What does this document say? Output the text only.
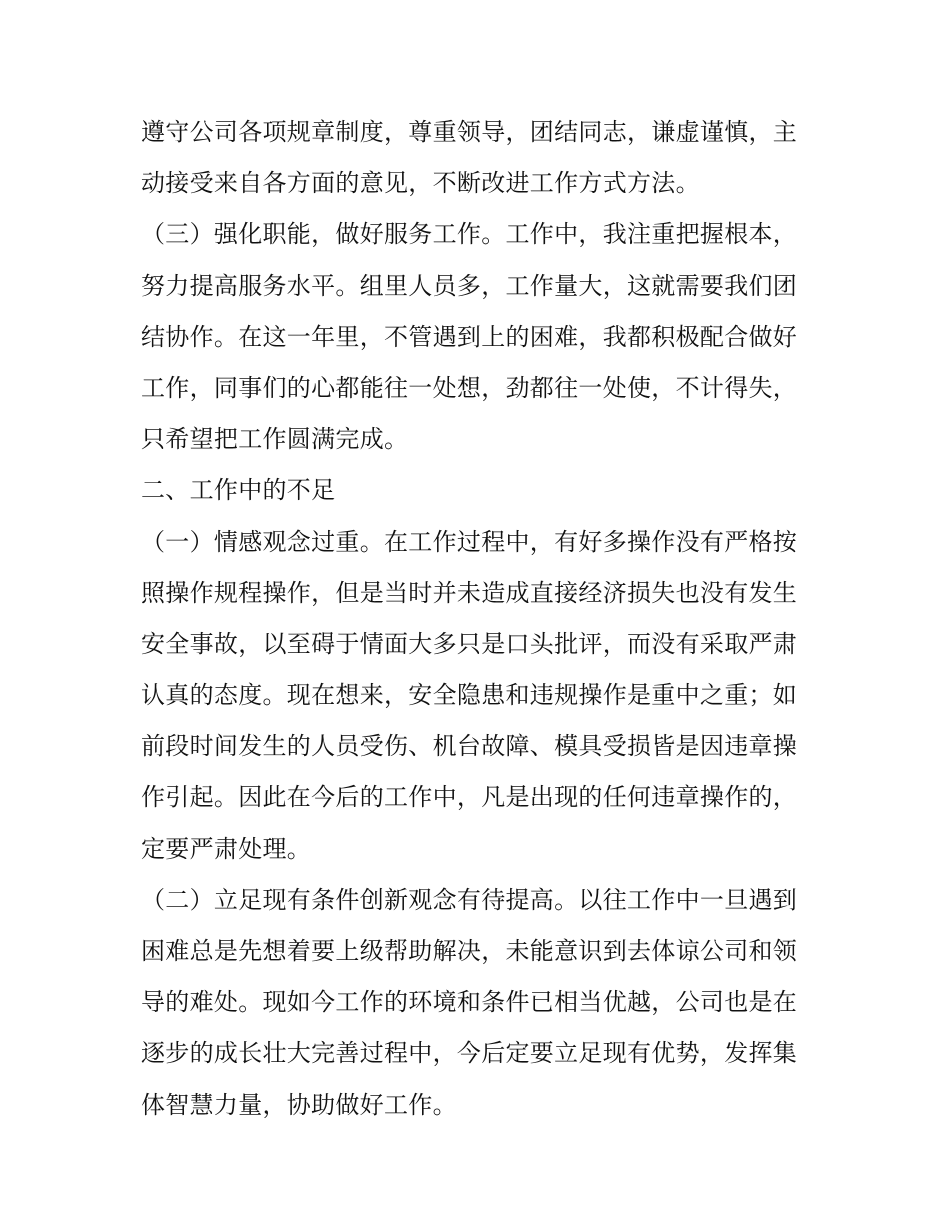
遵守公司各项规章制度，尊重领导，团结同志，谦虚谨慎，主
动接受来自各方面的意见，不断改进工作方式方法。
（三）强化职能，做好服务工作。工作中，我注重把握根本，
努力提高服务水平。组里人员多，工作量大，这就需要我们团
结协作。在这一年里，不管遇到上的困难，我都积极配合做好
工作，同事们的心都能往一处想，劲都往一处使，不计得失，
只希望把工作圆满完成。
二、工作中的不足
（一）情感观念过重。在工作过程中，有好多操作没有严格按
照操作规程操作，但是当时并未造成直接经济损失也没有发生
安全事故，以至碍于情面大多只是口头批评，而没有采取严肃
认真的态度。现在想来，安全隐患和违规操作是重中之重；如
前段时间发生的人员受伤、机台故障、模具受损皆是因违章操
作引起。因此在今后的工作中，凡是出现的任何违章操作的，
定要严肃处理。
（二）立足现有条件创新观念有待提高。以往工作中一旦遇到
困难总是先想着要上级帮助解决，未能意识到去体谅公司和领
导的难处。现如今工作的环境和条件已相当优越，公司也是在
逐步的成长壮大完善过程中，今后定要立足现有优势，发挥集
体智慧力量，协助做好工作。
